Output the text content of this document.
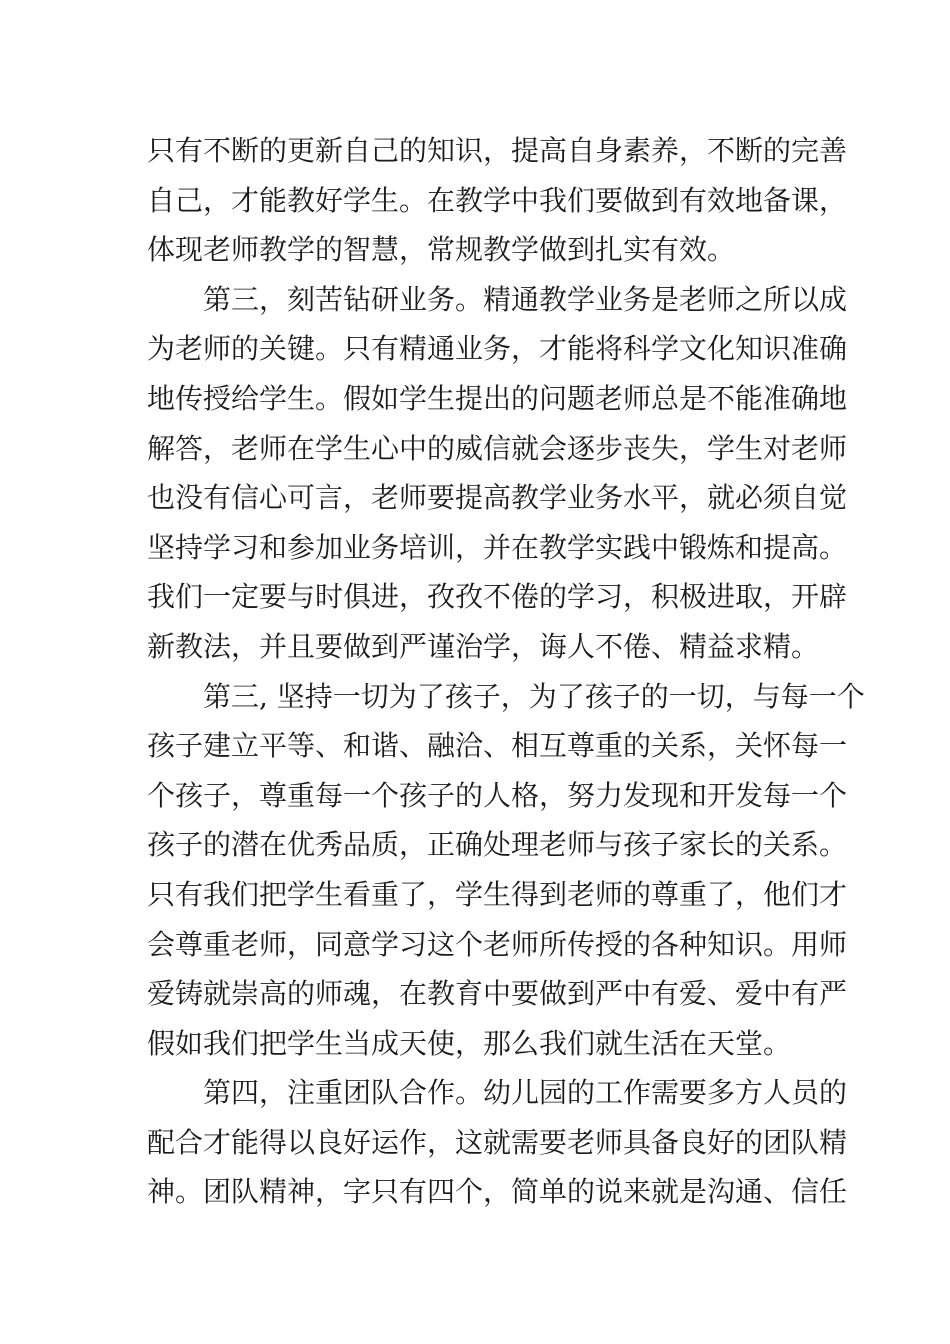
只有不断的更新自己的知识，提高自身素养，不断的完善
自己，才能教好学生。在教学中我们要做到有效地备课，
体现老师教学的智慧，常规教学做到扎实有效。
第三，刻苦钻研业务。精通教学业务是老师之所以成
为老师的关键。只有精通业务，才能将科学文化知识准确
地传授给学生。假如学生提出的问题老师总是不能准确地
解答，老师在学生心中的威信就会逐步丧失，学生对老师
也没有信心可言，老师要提高教学业务水平，就必须自觉
坚持学习和参加业务培训，并在教学实践中锻炼和提高。
我们一定要与时俱进，孜孜不倦的学习，积极进取，开辟
新教法，并且要做到严谨治学，诲人不倦、精益求精。
第三, 坚持一切为了孩子，为了孩子的一切，与每一个
孩子建立平等、和谐、融洽、相互尊重的关系，关怀每一
个孩子，尊重每一个孩子的人格，努力发现和开发每一个
孩子的潜在优秀品质，正确处理老师与孩子家长的关系。
只有我们把学生看重了，学生得到老师的尊重了，他们才
会尊重老师，同意学习这个老师所传授的各种知识。用师
爱铸就崇高的师魂，在教育中要做到严中有爱、爱中有严
假如我们把学生当成天使，那么我们就生活在天堂。
第四，注重团队合作。幼儿园的工作需要多方人员的
配合才能得以良好运作，这就需要老师具备良好的团队精
神。团队精神，字只有四个，简单的说来就是沟通、信任
